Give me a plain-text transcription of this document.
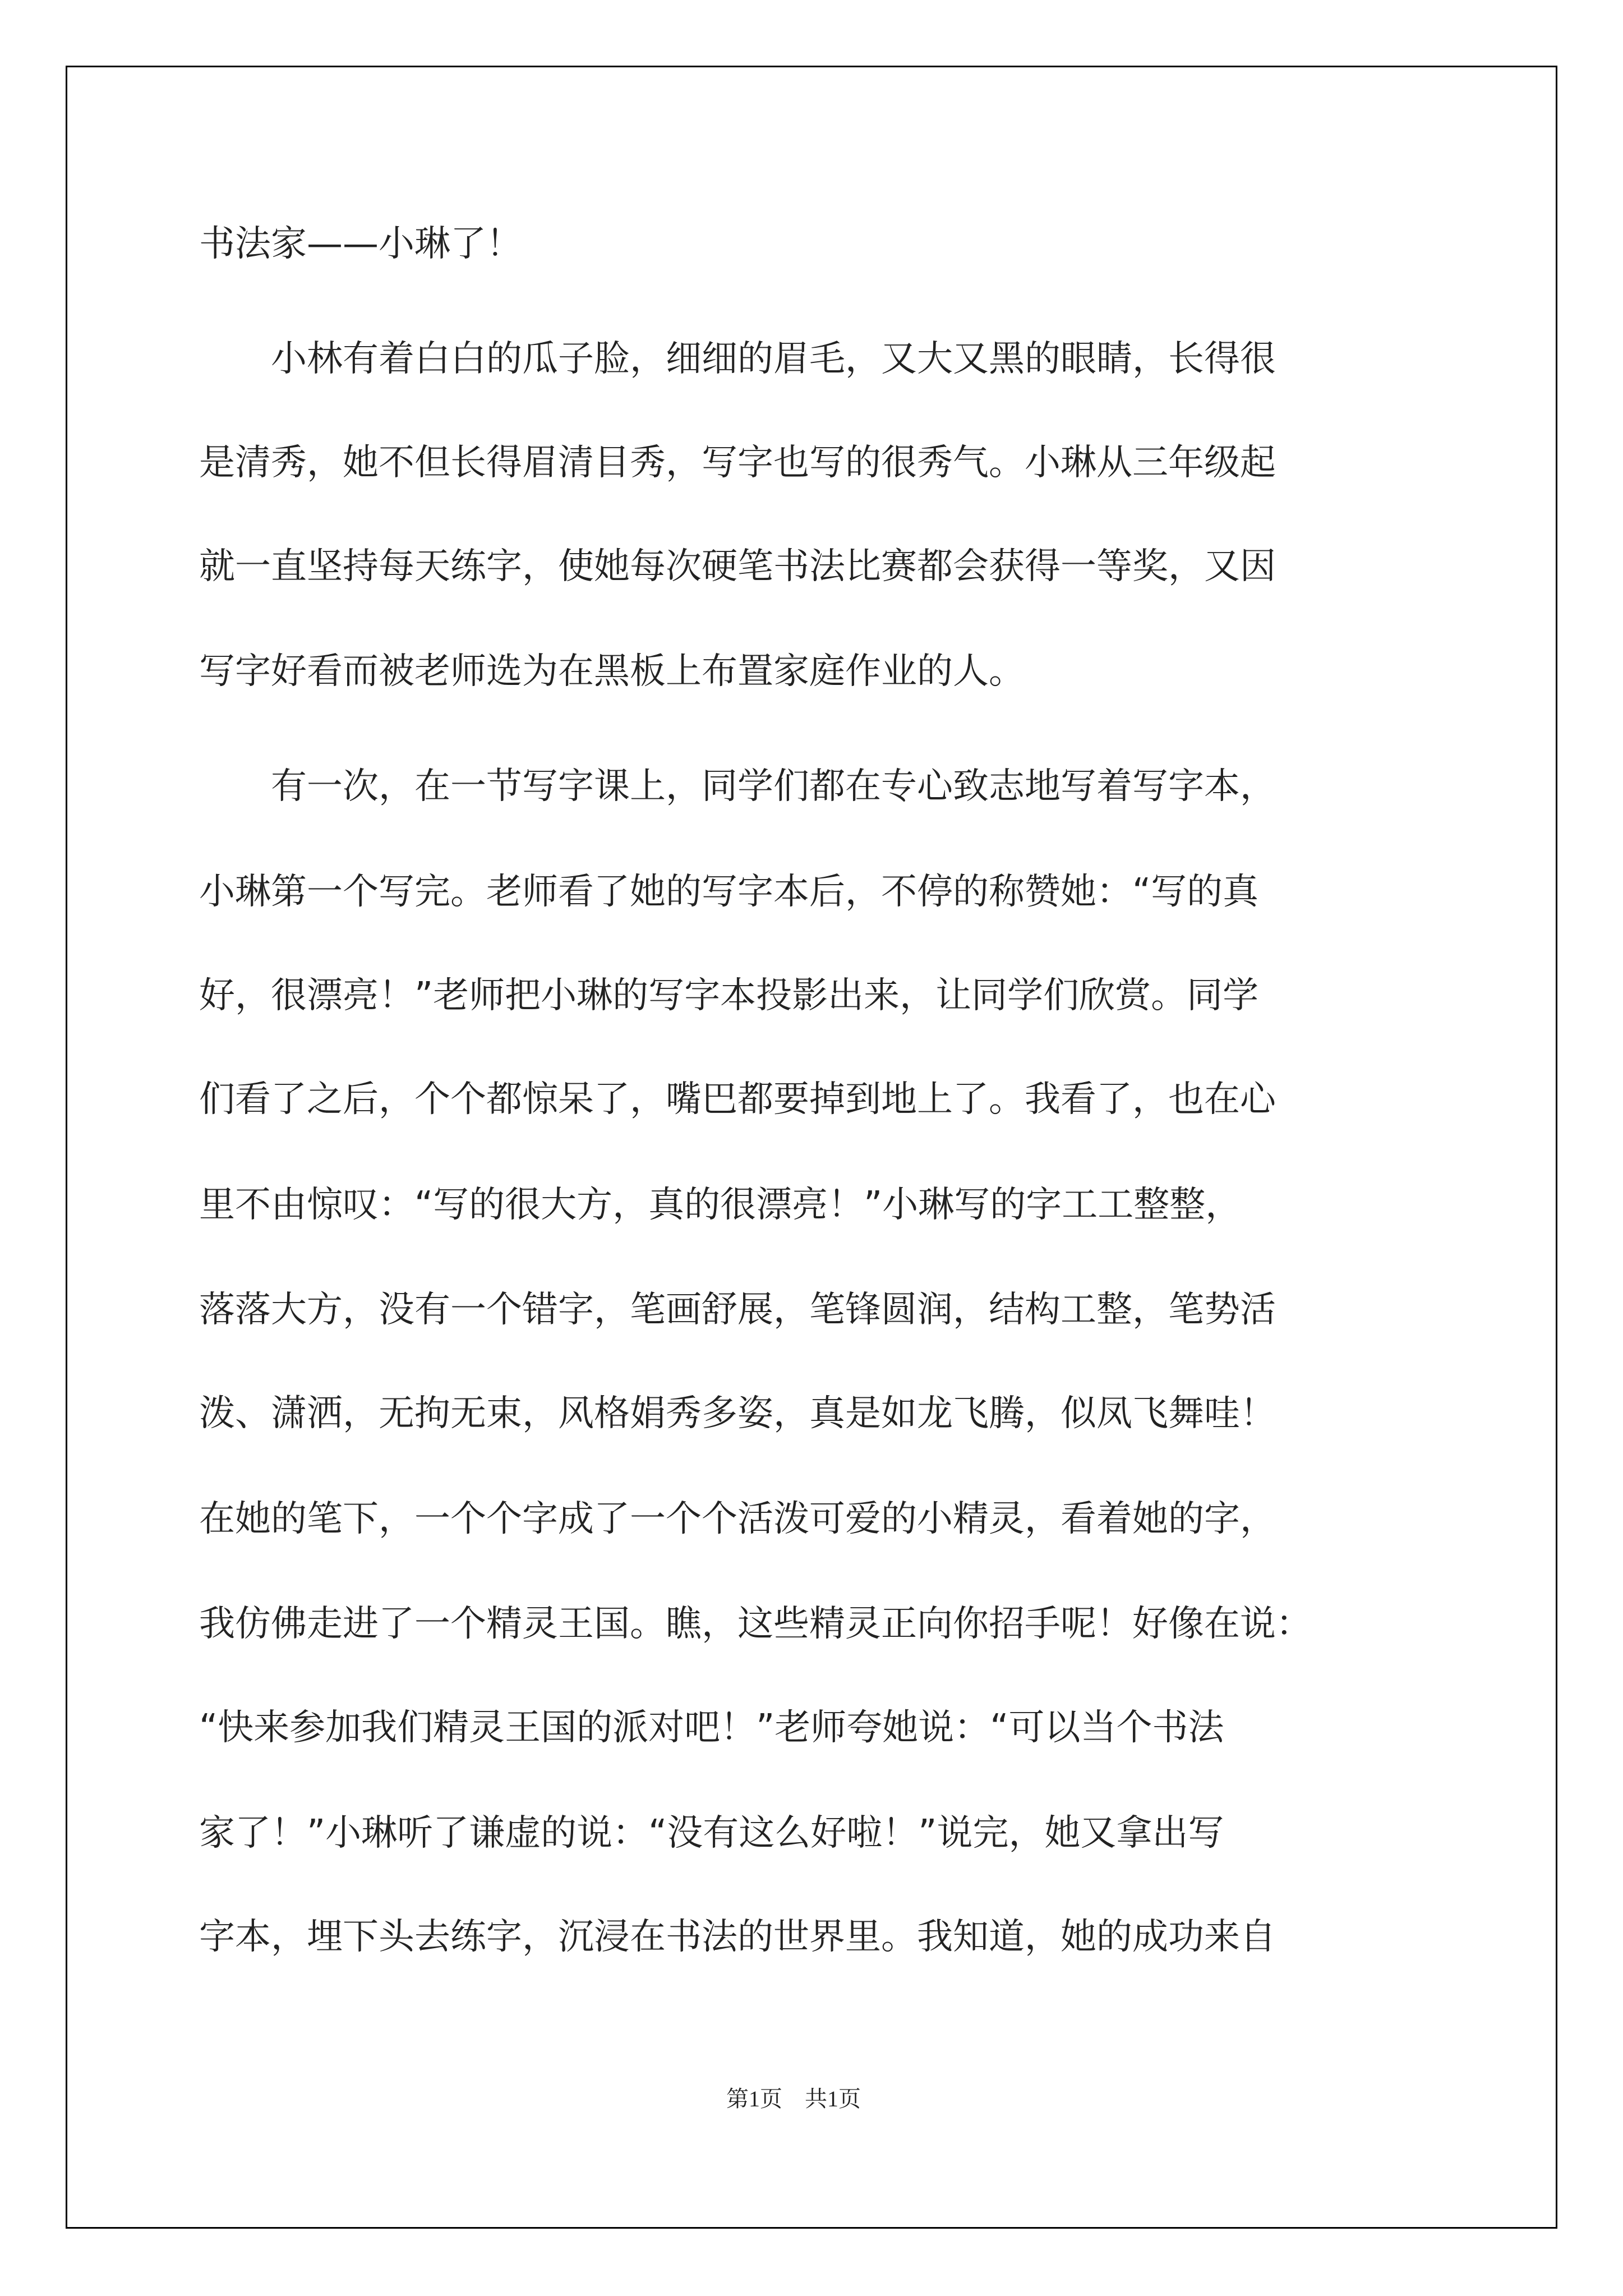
书法家——小琳了！
　　小林有着白白的瓜子脸，细细的眉毛，又大又黑的眼睛，长得很
是清秀，她不但长得眉清目秀，写字也写的很秀气。小琳从三年级起
就一直坚持每天练字，使她每次硬笔书法比赛都会获得一等奖，又因
写字好看而被老师选为在黑板上布置家庭作业的人。
　　有一次，在一节写字课上，同学们都在专心致志地写着写字本，
小琳第一个写完。老师看了她的写字本后，不停的称赞她：“写的真
好，很漂亮！”老师把小琳的写字本投影出来，让同学们欣赏。同学
们看了之后，个个都惊呆了，嘴巴都要掉到地上了。我看了，也在心
里不由惊叹：“写的很大方，真的很漂亮！”小琳写的字工工整整，
落落大方，没有一个错字，笔画舒展，笔锋圆润，结构工整，笔势活
泼、潇洒，无拘无束，风格娟秀多姿，真是如龙飞腾，似凤飞舞哇！
在她的笔下，一个个字成了一个个活泼可爱的小精灵，看着她的字，
我仿佛走进了一个精灵王国。瞧，这些精灵正向你招手呢！好像在说：
“快来参加我们精灵王国的派对吧！”老师夸她说：“可以当个书法
家了！”小琳听了谦虚的说：“没有这么好啦！”说完，她又拿出写
字本，埋下头去练字，沉浸在书法的世界里。我知道，她的成功来自
第1页 共1页
